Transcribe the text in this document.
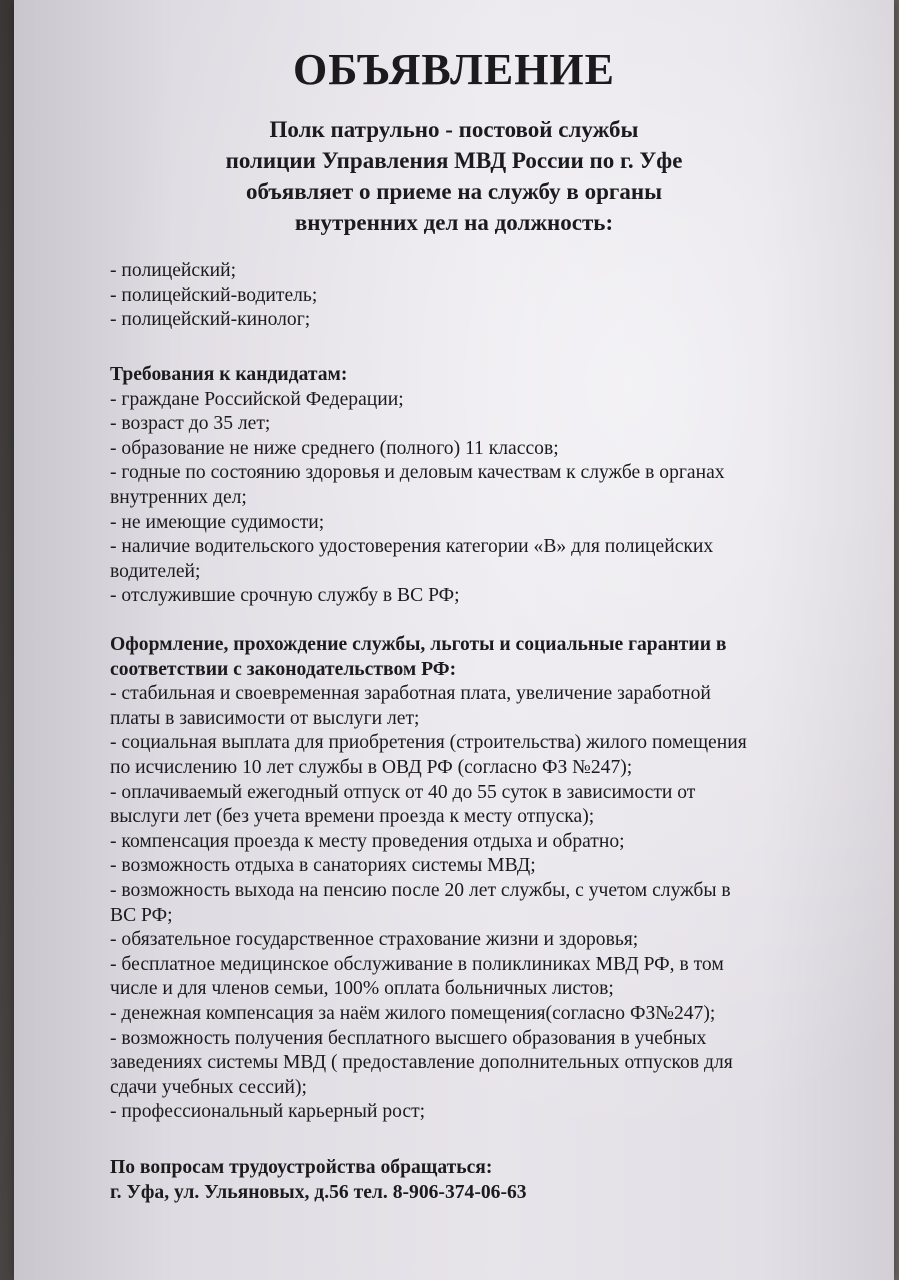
ОБЪЯВЛЕНИЕ
Полк патрульно - постовой службы
полиции Управления МВД России по г. Уфе
объявляет о приеме на службу в органы
внутренних дел на должность:
- полицейский;
- полицейский-водитель;
- полицейский-кинолог;
Требования к кандидатам:
- граждане Российской Федерации;
- возраст до 35 лет;
- образование не ниже среднего (полного) 11 классов;
- годные по состоянию здоровья и деловым качествам к службе в органах
внутренних дел;
- не имеющие судимости;
- наличие водительского удостоверения категории «В» для полицейских
водителей;
- отслужившие срочную службу в ВС РФ;
Оформление, прохождение службы, льготы и социальные гарантии в
соответствии с законодательством РФ:
- стабильная и своевременная заработная плата, увеличение заработной
платы в зависимости от выслуги лет;
- социальная выплата для приобретения (строительства) жилого помещения
по исчислению 10 лет службы в ОВД РФ (согласно ФЗ №247);
- оплачиваемый ежегодный отпуск от 40 до 55 суток в зависимости от
выслуги лет (без учета времени проезда к месту отпуска);
- компенсация проезда к месту проведения отдыха и обратно;
- возможность отдыха в санаториях системы МВД;
- возможность выхода на пенсию после 20 лет службы, с учетом службы в
ВС РФ;
- обязательное государственное страхование жизни и здоровья;
- бесплатное медицинское обслуживание в поликлиниках МВД РФ, в том
числе и для членов семьи, 100% оплата больничных листов;
- денежная компенсация за наём жилого помещения(согласно ФЗ№247);
- возможность получения бесплатного высшего образования в учебных
заведениях системы МВД ( предоставление дополнительных отпусков для
сдачи учебных сессий);
- профессиональный карьерный рост;
По вопросам трудоустройства обращаться:
г. Уфа, ул. Ульяновых, д.56 тел. 8-906-374-06-63
